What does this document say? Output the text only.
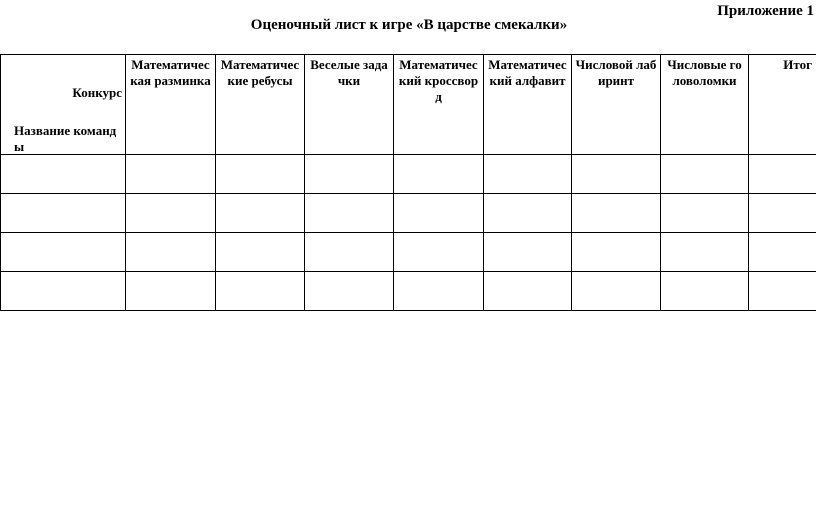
Приложение 1
Оценочный лист к игре «В царстве смекалки»
Конкурс
Название команды	Математическая разминка	Математические ребусы	Веселые задачки	Математический кроссворд	Математический алфавит	Числовой лабиринт	Числовые головоломки	Итог
